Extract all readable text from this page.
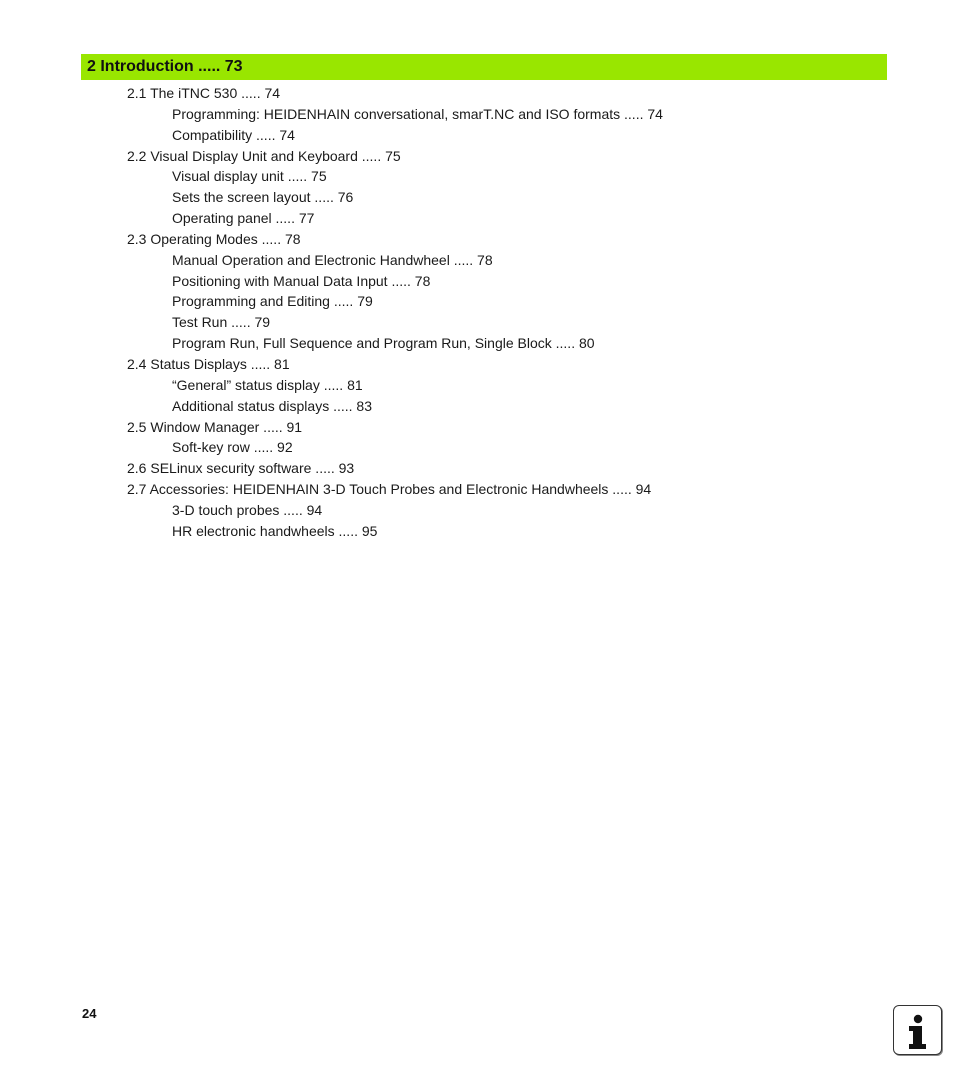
2 Introduction ..... 73
2.1 The iTNC 530 ..... 74
Programming: HEIDENHAIN conversational, smarT.NC and ISO formats ..... 74
Compatibility ..... 74
2.2 Visual Display Unit and Keyboard ..... 75
Visual display unit ..... 75
Sets the screen layout ..... 76
Operating panel ..... 77
2.3 Operating Modes ..... 78
Manual Operation and Electronic Handwheel ..... 78
Positioning with Manual Data Input ..... 78
Programming and Editing ..... 79
Test Run ..... 79
Program Run, Full Sequence and Program Run, Single Block ..... 80
2.4 Status Displays ..... 81
“General” status display ..... 81
Additional status displays ..... 83
2.5 Window Manager ..... 91
Soft-key row ..... 92
2.6 SELinux security software ..... 93
2.7 Accessories: HEIDENHAIN 3-D Touch Probes and Electronic Handwheels ..... 94
3-D touch probes ..... 94
HR electronic handwheels ..... 95
24
